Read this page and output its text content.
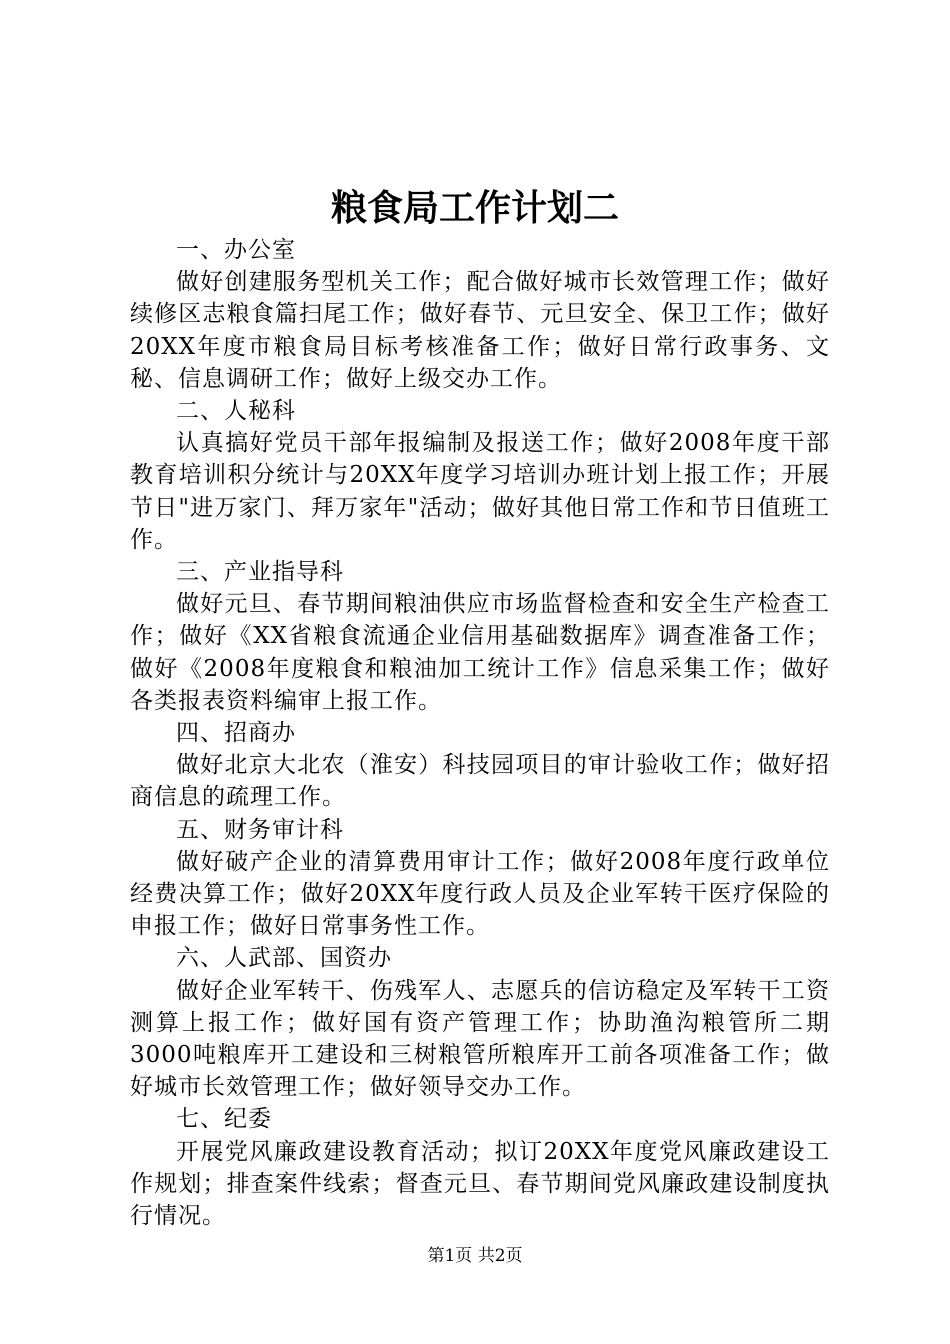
粮食局工作计划二

一、办公室

做好创建服务型机关工作；配合做好城市长效管理工作；做好续修区志粮食篇扫尾工作；做好春节、元旦安全、保卫工作；做好20XX年度市粮食局目标考核准备工作；做好日常行政事务、文秘、信息调研工作；做好上级交办工作。

二、人秘科

认真搞好党员干部年报编制及报送工作；做好2008年度干部教育培训积分统计与20XX年度学习培训办班计划上报工作；开展节日"进万家门、拜万家年"活动；做好其他日常工作和节日值班工作。

三、产业指导科

做好元旦、春节期间粮油供应市场监督检查和安全生产检查工作；做好《XX省粮食流通企业信用基础数据库》调查准备工作；做好《2008年度粮食和粮油加工统计工作》信息采集工作；做好各类报表资料编审上报工作。

四、招商办

做好北京大北农（淮安）科技园项目的审计验收工作；做好招商信息的疏理工作。

五、财务审计科

做好破产企业的清算费用审计工作；做好2008年度行政单位经费决算工作；做好20XX年度行政人员及企业军转干医疗保险的申报工作；做好日常事务性工作。

六、人武部、国资办

做好企业军转干、伤残军人、志愿兵的信访稳定及军转干工资测算上报工作；做好国有资产管理工作；协助渔沟粮管所二期3000吨粮库开工建设和三树粮管所粮库开工前各项准备工作；做好城市长效管理工作；做好领导交办工作。

七、纪委

开展党风廉政建设教育活动；拟订20XX年度党风廉政建设工作规划；排查案件线索；督查元旦、春节期间党风廉政建设制度执行情况。

第1页 共2页
